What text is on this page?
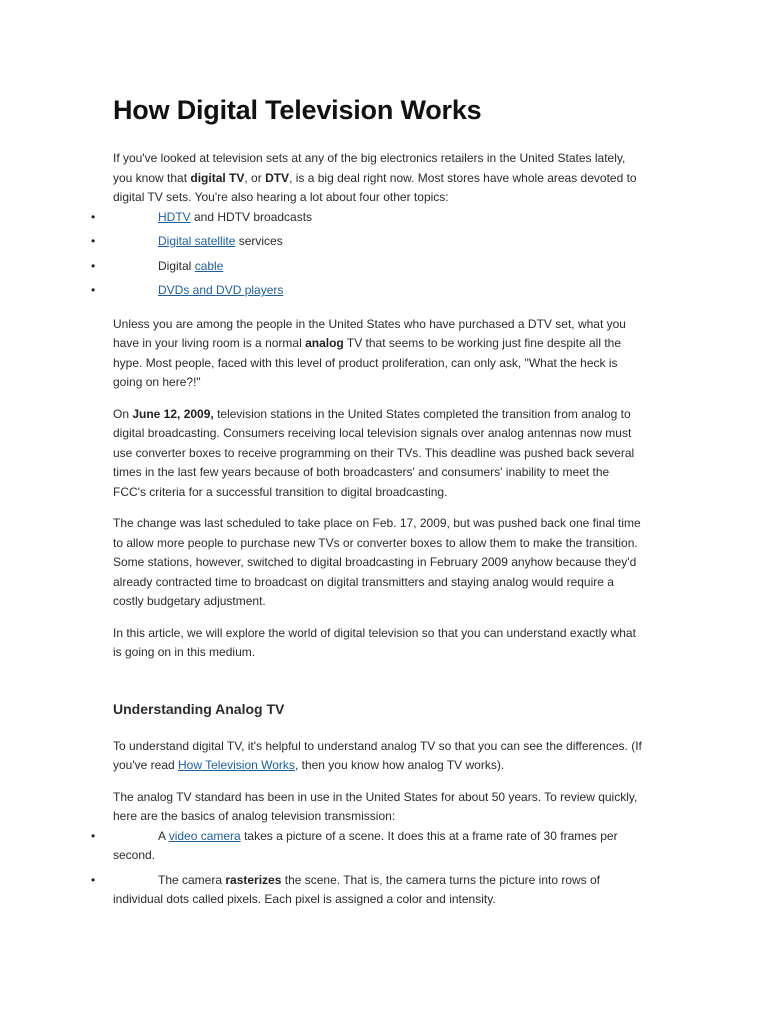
How Digital Television Works

If you've looked at television sets at any of the big electronics retailers in the United States lately, you know that digital TV, or DTV, is a big deal right now. Most stores have whole areas devoted to digital TV sets. You're also hearing a lot about four other topics:

•	HDTV and HDTV broadcasts
•	Digital satellite services
•	Digital cable
•	DVDs and DVD players

Unless you are among the people in the United States who have purchased a DTV set, what you have in your living room is a normal analog TV that seems to be working just fine despite all the hype. Most people, faced with this level of product proliferation, can only ask, "What the heck is going on here?!"

On June 12, 2009, television stations in the United States completed the transition from analog to digital broadcasting. Consumers receiving local television signals over analog antennas now must use converter boxes to receive programming on their TVs. This deadline was pushed back several times in the last few years because of both broadcasters' and consumers' inability to meet the FCC's criteria for a successful transition to digital broadcasting.

The change was last scheduled to take place on Feb. 17, 2009, but was pushed back one final time to allow more people to purchase new TVs or converter boxes to allow them to make the transition. Some stations, however, switched to digital broadcasting in February 2009 anyhow because they'd already contracted time to broadcast on digital transmitters and staying analog would require a costly budgetary adjustment.

In this article, we will explore the world of digital television so that you can understand exactly what is going on in this medium.

Understanding Analog TV

To understand digital TV, it's helpful to understand analog TV so that you can see the differences. (If you've read How Television Works, then you know how analog TV works).

The analog TV standard has been in use in the United States for about 50 years. To review quickly, here are the basics of analog television transmission:

•	A video camera takes a picture of a scene. It does this at a frame rate of 30 frames per second.
•	The camera rasterizes the scene. That is, the camera turns the picture into rows of individual dots called pixels. Each pixel is assigned a color and intensity.
